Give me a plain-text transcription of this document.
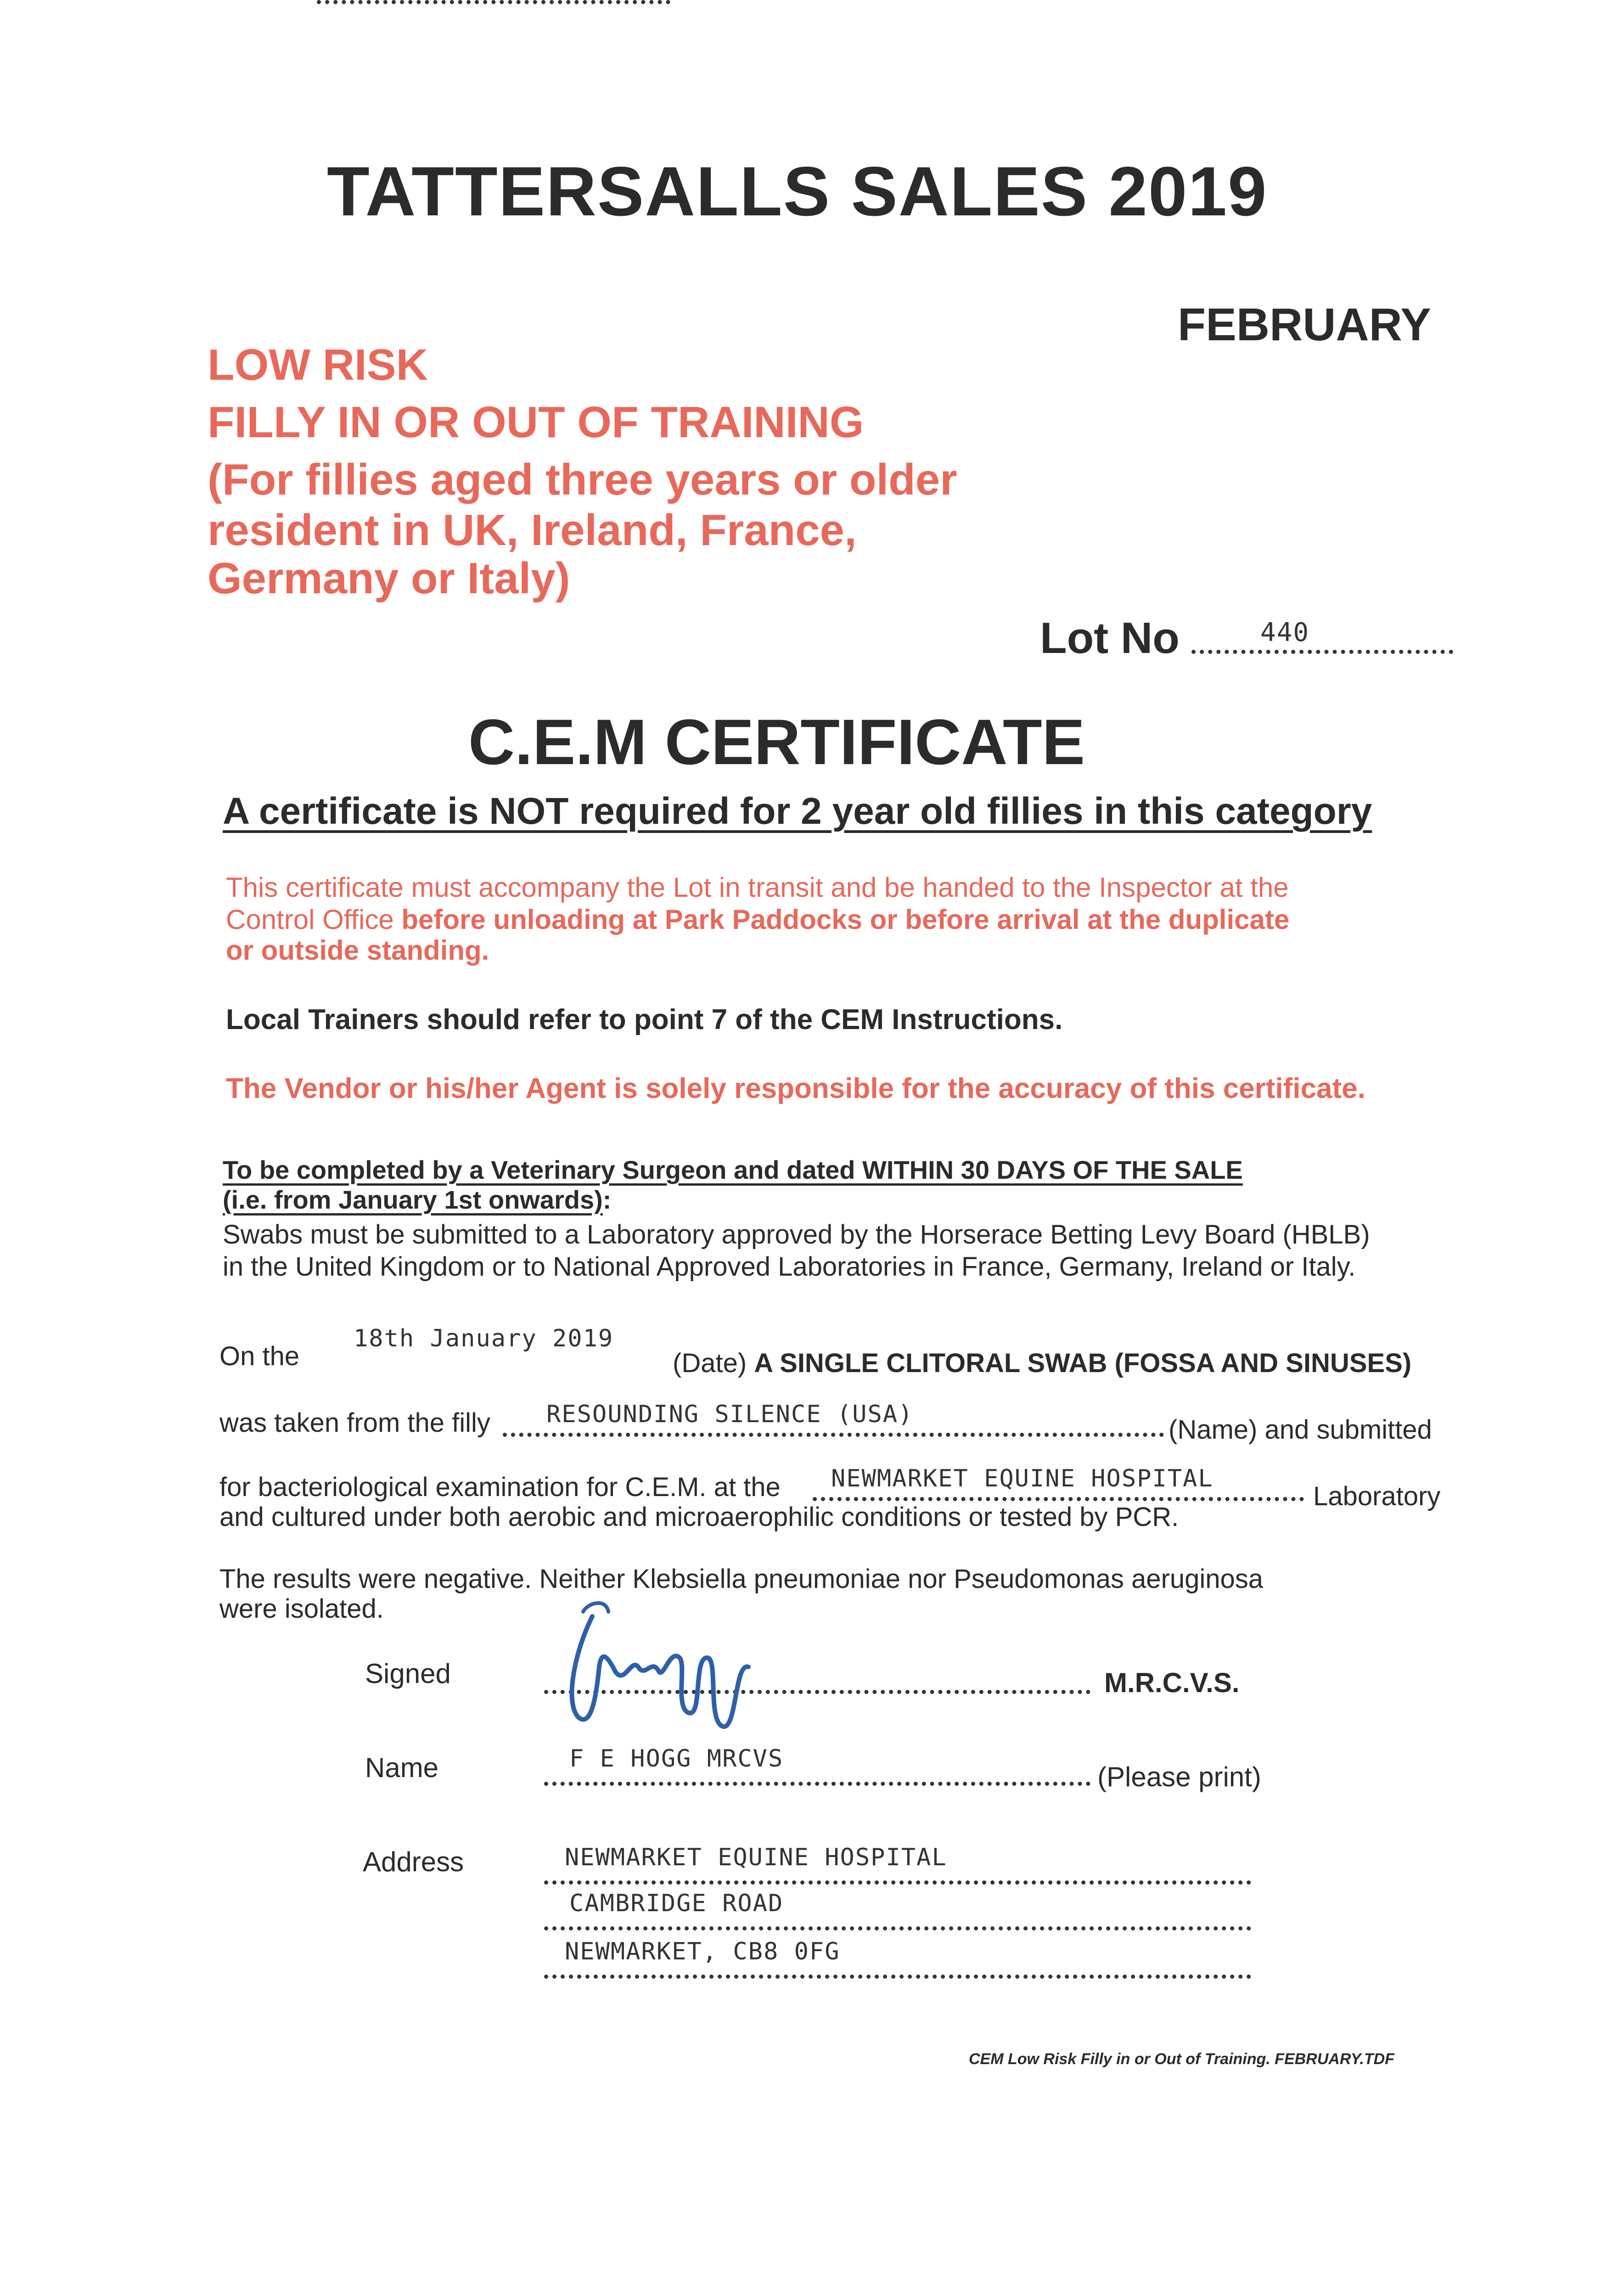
TATTERSALLS SALES 2019
FEBRUARY
LOW RISK
FILLY IN OR OUT OF TRAINING
(For fillies aged three years or older
resident in UK, Ireland, France,
Germany or Italy)
Lot No	440
C.E.M CERTIFICATE
A certificate is NOT required for 2 year old fillies in this category
This certificate must accompany the Lot in transit and be handed to the Inspector at the
Control Office before unloading at Park Paddocks or before arrival at the duplicate
or outside standing.
Local Trainers should refer to point 7 of the CEM Instructions.
The Vendor or his/her Agent is solely responsible for the accuracy of this certificate.
To be completed by a Veterinary Surgeon and dated WITHIN 30 DAYS OF THE SALE
(i.e. from January 1st onwards):
Swabs must be submitted to a Laboratory approved by the Horserace Betting Levy Board (HBLB)
in the United Kingdom or to National Approved Laboratories in France, Germany, Ireland or Italy.
On the
18th January 2019
(Date) A SINGLE CLITORAL SWAB (FOSSA AND SINUSES)
was taken from the filly RESOUNDING SILENCE (USA)
(Name) and submitted
for bacteriological examination for C.E.M. at the NEWMARKET EQUINE HOSPITAL
Laboratory
and cultured under both aerobic and microaerophilic conditions or tested by PCR.
The results were negative. Neither Klebsiella pneumoniae nor Pseudomonas aeruginosa
were isolated.
Signed	M.R.C.V.S.
Name	F E HOGG MRCVS
(Please print)
Address	NEWMARKET EQUINE HOSPITAL
CAMBRIDGE ROAD
NEWMARKET, CB8 0FG
CEM Low Risk Filly in or Out of Training. FEBRUARY.TDF
